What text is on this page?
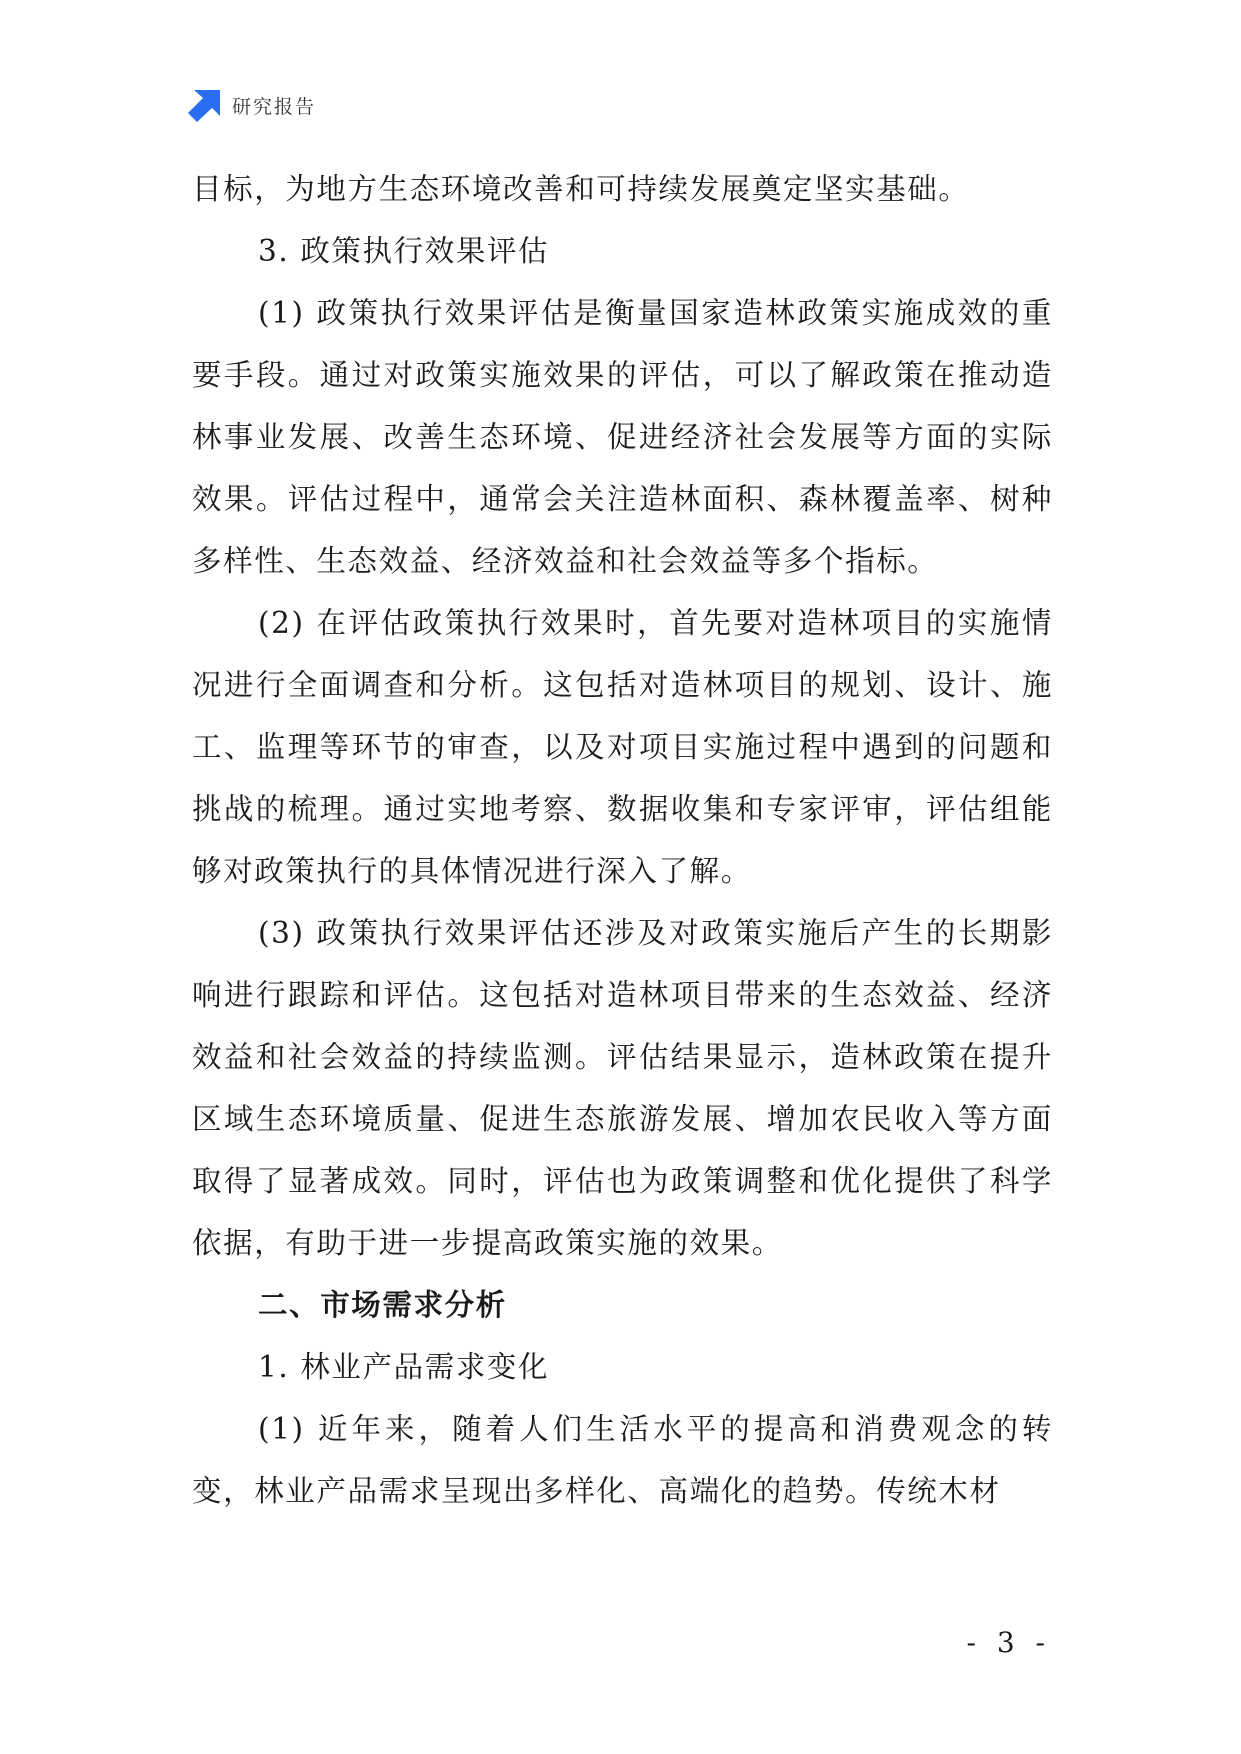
研究报告

目标，为地方生态环境改善和可持续发展奠定坚实基础。

3. 政策执行效果评估

(1) 政策执行效果评估是衡量国家造林政策实施成效的重要手段。通过对政策实施效果的评估，可以了解政策在推动造林事业发展、改善生态环境、促进经济社会发展等方面的实际效果。评估过程中，通常会关注造林面积、森林覆盖率、树种多样性、生态效益、经济效益和社会效益等多个指标。

(2) 在评估政策执行效果时，首先要对造林项目的实施情况进行全面调查和分析。这包括对造林项目的规划、设计、施工、监理等环节的审查，以及对项目实施过程中遇到的问题和挑战的梳理。通过实地考察、数据收集和专家评审，评估组能够对政策执行的具体情况进行深入了解。

(3) 政策执行效果评估还涉及对政策实施后产生的长期影响进行跟踪和评估。这包括对造林项目带来的生态效益、经济效益和社会效益的持续监测。评估结果显示，造林政策在提升区域生态环境质量、促进生态旅游发展、增加农民收入等方面取得了显著成效。同时，评估也为政策调整和优化提供了科学依据，有助于进一步提高政策实施的效果。

二、市场需求分析

1. 林业产品需求变化

(1) 近年来，随着人们生活水平的提高和消费观念的转变，林业产品需求呈现出多样化、高端化的趋势。传统木材

- 3 -
